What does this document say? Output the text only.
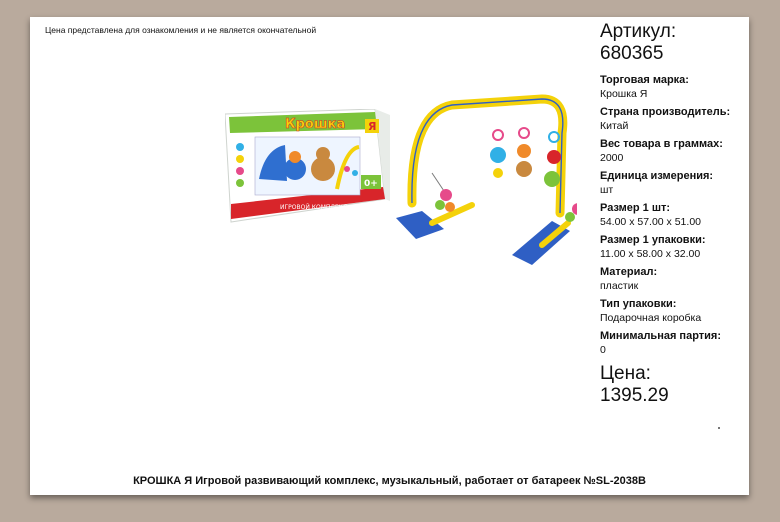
Цена представлена для ознакомления и не является окончательной
Крошка Я
ИГРОВОЙ КОМПЛЕКС
0+
Артикул:
680365
Торговая марка:
Крошка Я
Страна производитель:
Китай
Вес товара в граммах:
2000
Единица измерения:
шт
Размер 1 шт:
54.00 x 57.00 x 51.00
Размер 1 упаковки:
11.00 x 58.00 x 32.00
Материал:
пластик
Тип упаковки:
Подарочная коробка
Минимальная партия:
0
Цена:
1395.29
КРОШКА Я Игровой развивающий комплекс, музыкальный, работает от батареек №SL-2038B
